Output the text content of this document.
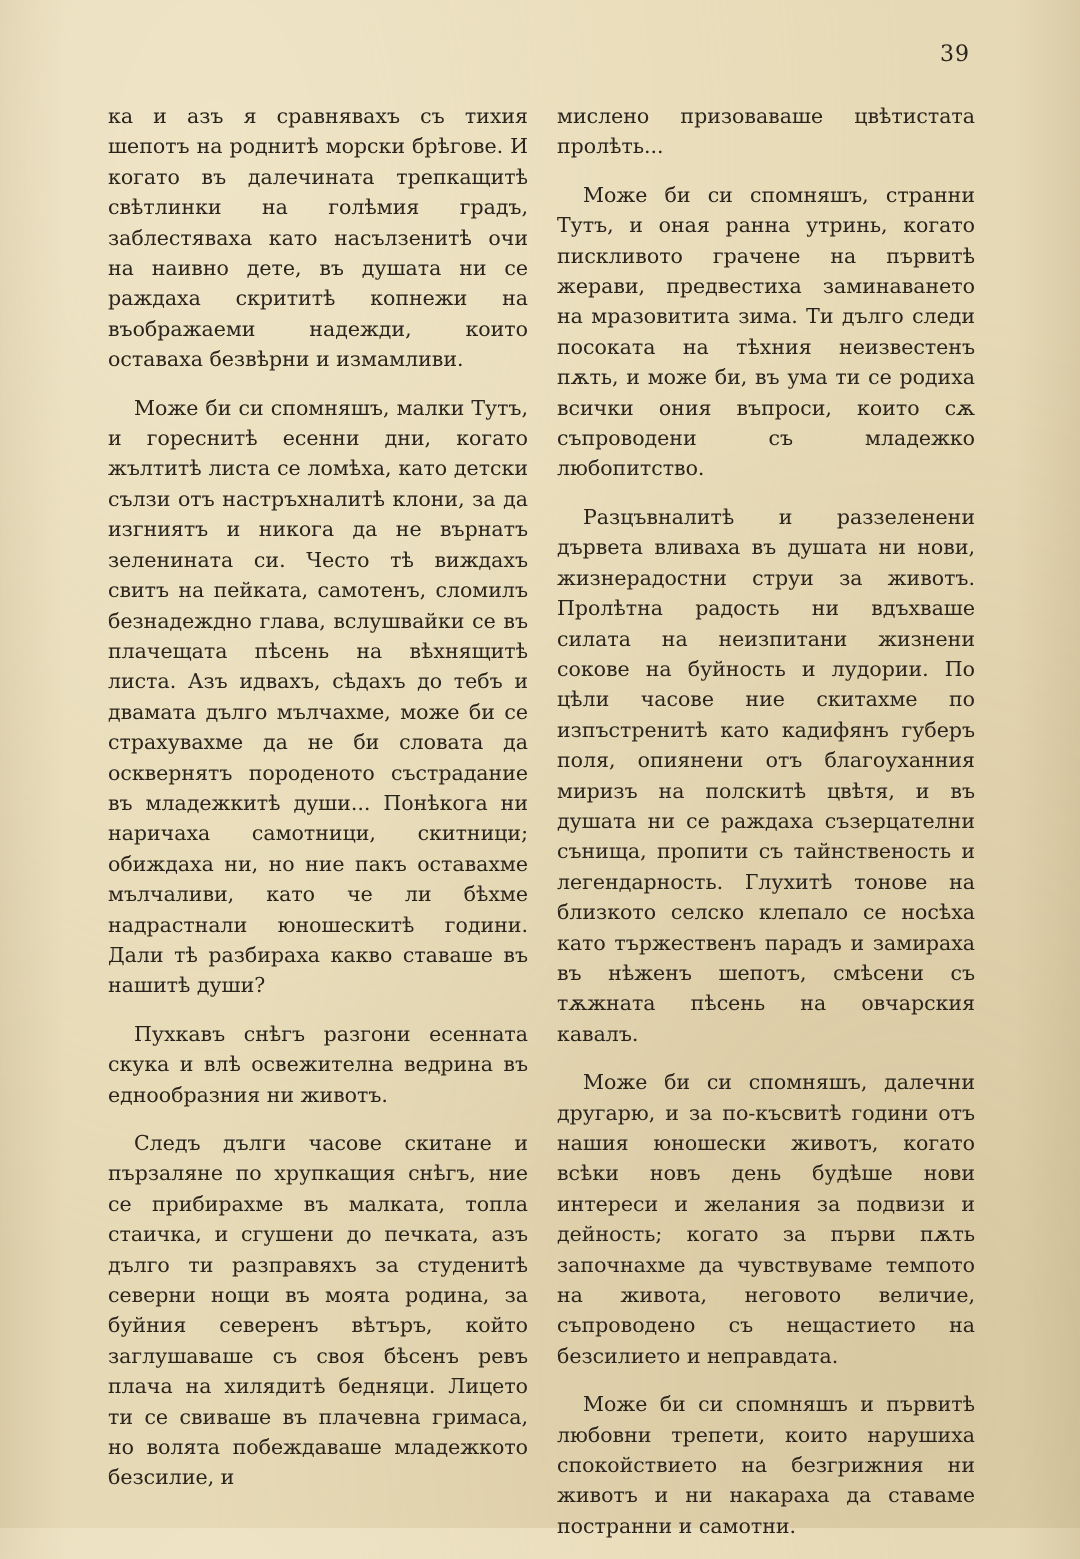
39

ка и азъ я сравнявахъ съ тихия шепотъ на роднитѣ морски брѣгове. И когато въ далечината трепкащитѣ свѣтлинки на голѣмия градъ, заблестяваха като насълзенитѣ очи на наивно дете, въ душата ни се раждаха скрититѣ копнежи на въображаеми надежди, които оставаха безвѣрни и измамливи.

Може би си спомняшъ, малки Тутъ, и гореснитѣ есенни дни, когато жълтитѣ листа се ломѣха, като детски сълзи отъ настръхналитѣ клони, за да изгниятъ и никога да не върнатъ зеленината си. Често тѣ виждахъ свитъ на пейката, самотенъ, сломилъ безнадеждно глава, вслушвайки се въ плачещата пѣсень на вѣхнящитѣ листа. Азъ идвахъ, сѣдахъ до тебъ и двамата дълго мълчахме, може би се страхувахме да не би словата да осквернятъ породеното състрадание въ младежкитѣ души... Понѣкога ни наричаха самотници, скитници; обиждаха ни, но ние пакъ оставахме мълчаливи, като че ли бѣхме надрастнали юношескитѣ години. Дали тѣ разбираха какво ставаше въ нашитѣ души?

Пухкавъ снѣгъ разгони есенната скука и влѣ освежителна ведрина въ еднообразния ни животъ.

Следъ дълги часове скитане и пързаляне по хрупкащия снѣгъ, ние се прибирахме въ малката, топла стаичка, и сгушени до печката, азъ дълго ти разправяхъ за студенитѣ северни нощи въ моята родина, за буйния северенъ вѣтъръ, който заглушаваше съ своя бѣсенъ ревъ плача на хилядитѣ бедняци. Лицето ти се свиваше въ плачевна гримаса, но волята побеждаваше младежкото безсилие, и

мислено призоваваше цвѣтистата пролѣть...

Може би си спомняшъ, странни Тутъ, и оная ранна утринь, когато пискливото грачене на първитѣ жерави, предвестиха заминаването на мразовитита зима. Ти дълго следи посоката на тѣхния неизвестенъ пѫть, и може би, въ ума ти се родиха всички ония въпроси, които сѫ съпроводени съ младежко любопитство.

Разцъвналитѣ и раззеленени дървета вливаха въ душата ни нови, жизнерадостни струи за животъ. Пролѣтна радость ни вдъхваше силата на неизпитани жизнени сокове на буйность и лудории. По цѣли часове ние скитахме по изпъстренитѣ като кадифянъ губеръ поля, опиянени отъ благоуханния миризъ на полскитѣ цвѣтя, и въ душата ни се раждаха съзерцателни сънища, пропити съ тайнственость и легендарность. Глухитѣ тонове на близкото селско клепало се носѣха като тържественъ парадъ и замираха въ нѣженъ шепотъ, смѣсени съ тѫжната пѣсень на овчарския кавалъ.

Може би си спомняшъ, далечни другарю, и за по-късвитѣ години отъ нашия юношески животъ, когато всѣки новъ день будѣше нови интереси и желания за подвизи и дейность; когато за първи пѫть започнахме да чувствуваме темпото на живота, неговото величие, съпроводено съ нещастието на безсилието и неправдата.

Може би си спомняшъ и първитѣ любовни трепети, които нарушиха спокойствието на безгрижния ни животъ и ни накараха да ставаме постранни и самотни.
